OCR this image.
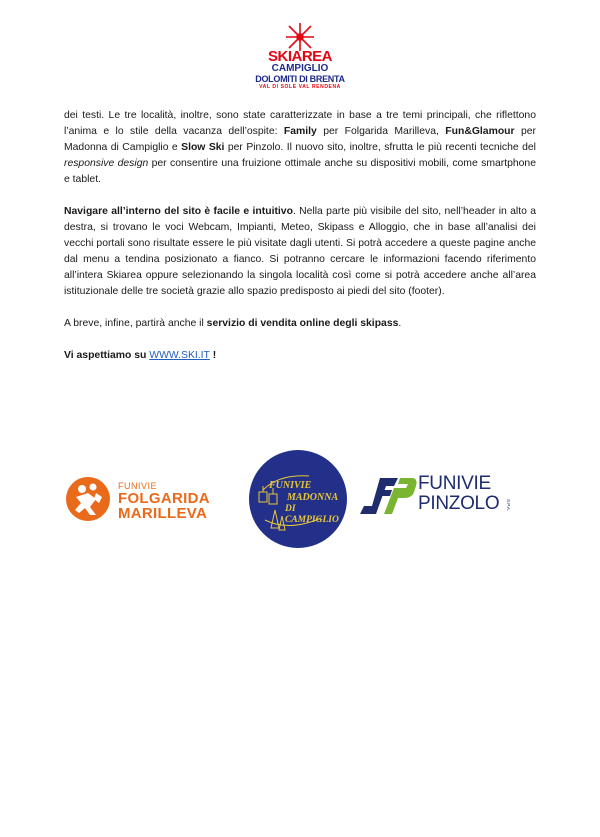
SKIAREA
CAMPIGLIO
DOLOMITI DI BRENTA
VAL DI SOLE VAL RENDENA

dei testi. Le tre località, inoltre, sono state caratterizzate in base a tre temi principali, che riflettono l’anima e lo stile della vacanza dell’ospite: Family per Folgarida Marilleva, Fun&Glamour per Madonna di Campiglio e Slow Ski per Pinzolo. Il nuovo sito, inoltre, sfrutta le più recenti tecniche del responsive design per consentire una fruizione ottimale anche su dispositivi mobili, come smartphone e tablet.

Navigare all’interno del sito è facile e intuitivo. Nella parte più visibile del sito, nell’header in alto a destra, si trovano le voci Webcam, Impianti, Meteo, Skipass e Alloggio, che in base all’analisi dei vecchi portali sono risultate essere le più visitate dagli utenti. Si potrà accedere a queste pagine anche dal menu a tendina posizionato a fianco. Si potranno cercare le informazioni facendo riferimento all’intera Skiarea oppure selezionando la singola località così come si potrà accedere anche all’area istituzionale delle tre società grazie allo spazio predisposto ai piedi del sito (footer).

A breve, infine, partirà anche il servizio di vendita online degli skipass.

Vi aspettiamo su WWW.SKI.IT !

FUNIVIE
FOLGARIDA
MARILLEVA
FUNIVIE
MADONNA
DI CAMPIGLIO
FUNIVIE
PINZOLO S.P.A.
